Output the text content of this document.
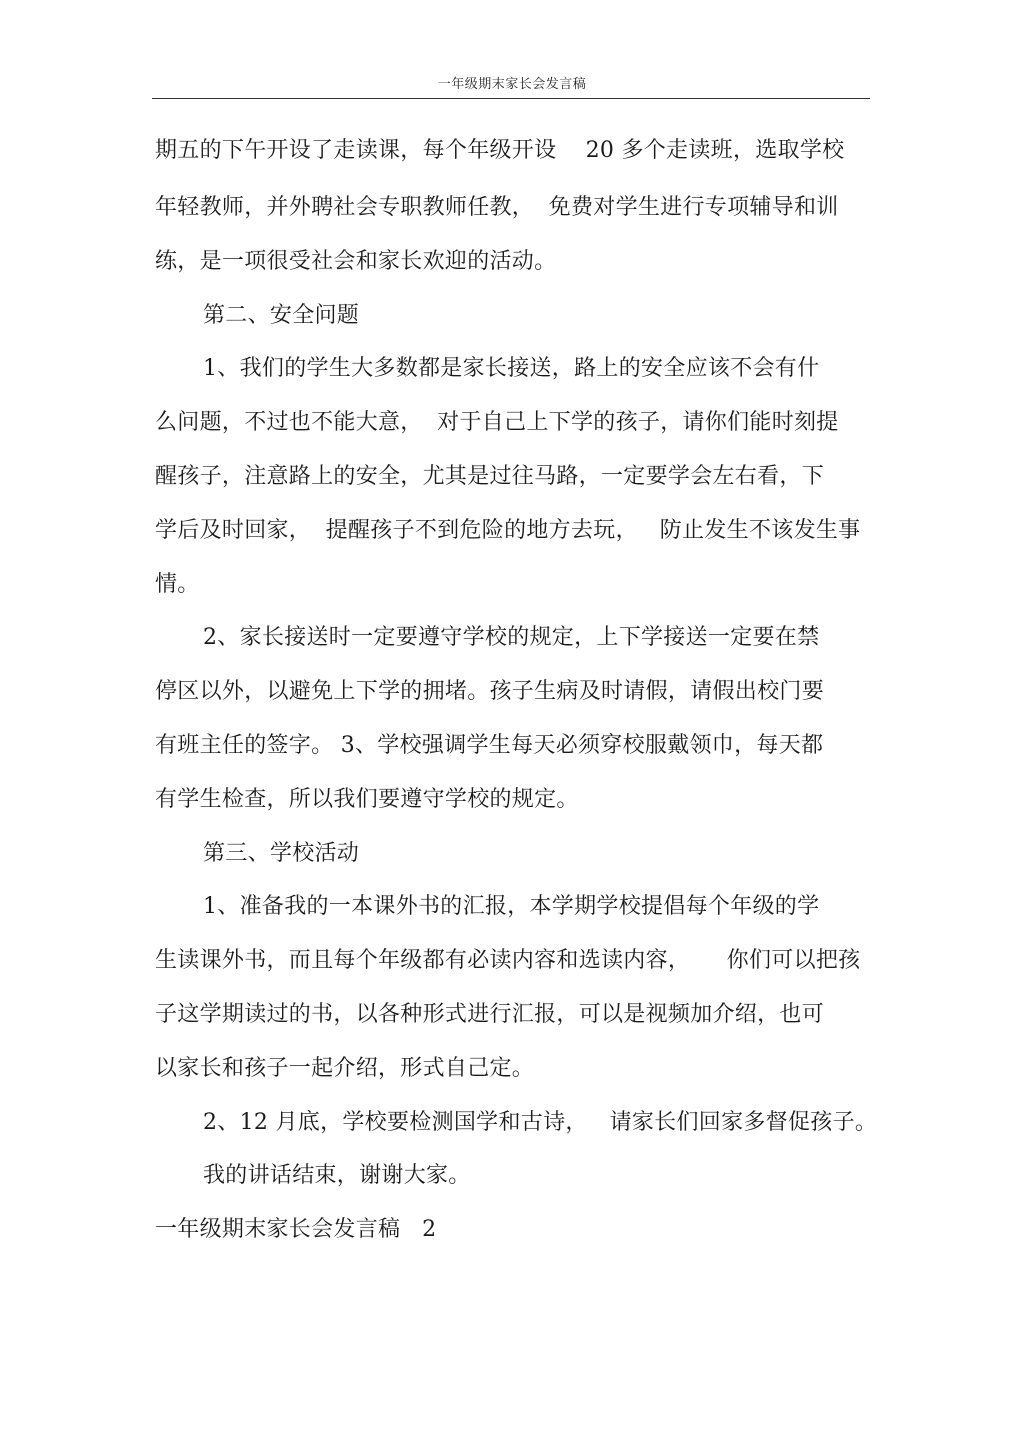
一年级期末家长会发言稿
期五的下午开设了走读课，每个年级开设    20 多个走读班，选取学校
年轻教师，并外聘社会专职教师任教，  免费对学生进行专项辅导和训
练，是一项很受社会和家长欢迎的活动。
第二、安全问题
1、我们的学生大多数都是家长接送，路上的安全应该不会有什
么问题，不过也不能大意，  对于自己上下学的孩子，请你们能时刻提
醒孩子，注意路上的安全，尤其是过往马路，一定要学会左右看，下
学后及时回家，  提醒孩子不到危险的地方去玩，   防止发生不该发生事
情。
2、家长接送时一定要遵守学校的规定，上下学接送一定要在禁
停区以外，以避免上下学的拥堵。孩子生病及时请假，请假出校门要
有班主任的签字。 3、学校强调学生每天必须穿校服戴领巾，每天都
有学生检查，所以我们要遵守学校的规定。
第三、学校活动
1、准备我的一本课外书的汇报，本学期学校提倡每个年级的学
生读课外书，而且每个年级都有必读内容和选读内容，     你们可以把孩
子这学期读过的书，以各种形式进行汇报，可以是视频加介绍，也可
以家长和孩子一起介绍，形式自己定。
2、12 月底，学校要检测国学和古诗，   请家长们回家多督促孩子。
我的讲话结束，谢谢大家。
一年级期末家长会发言稿   2
